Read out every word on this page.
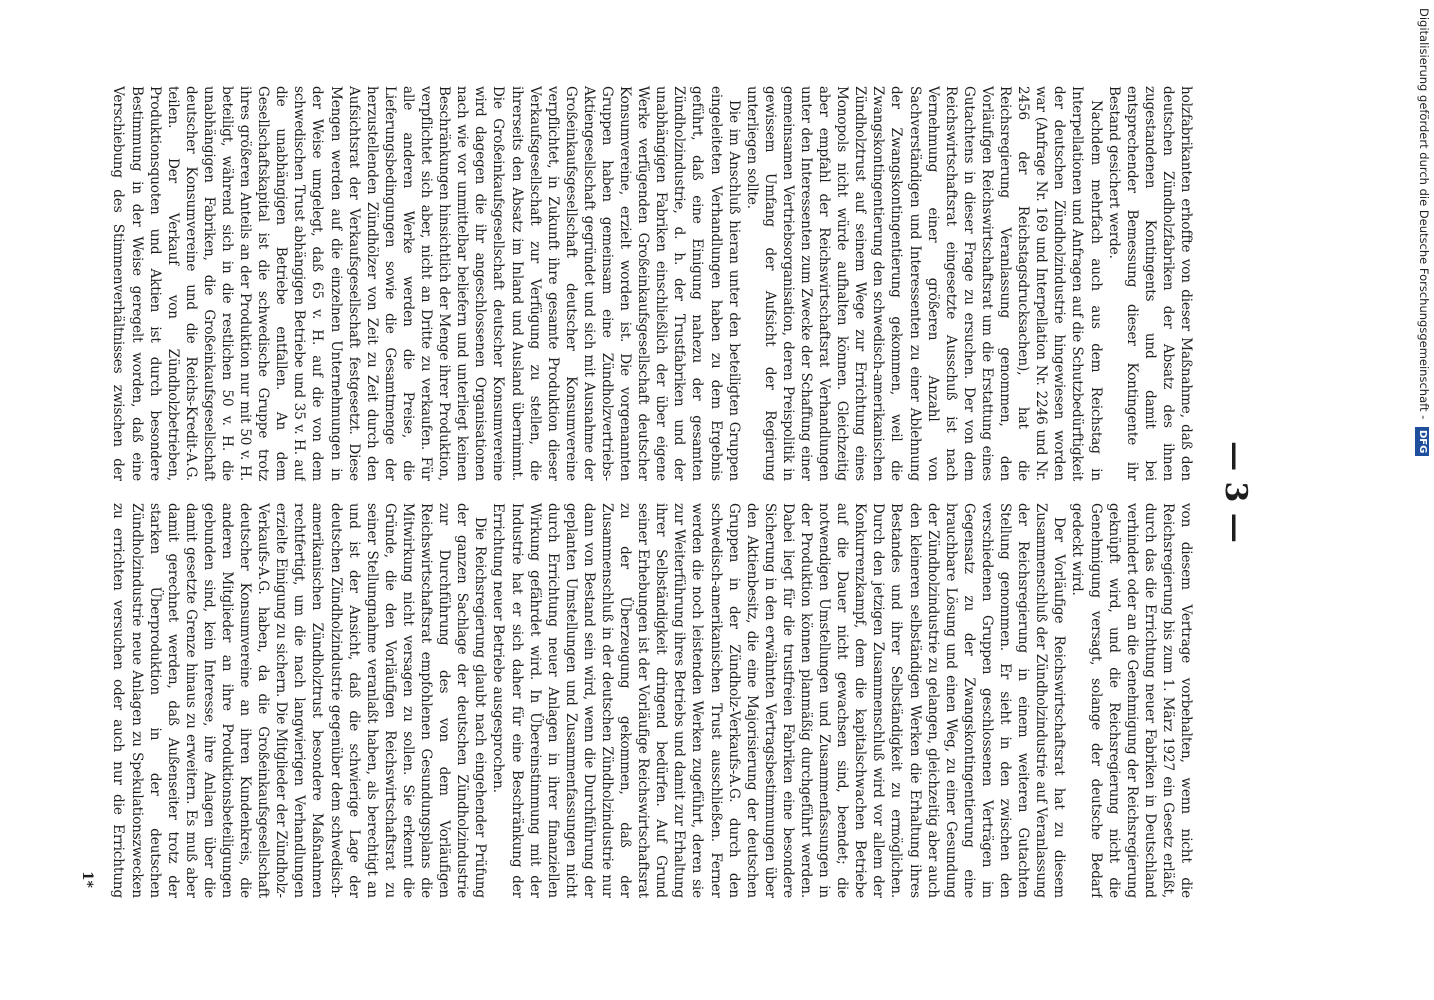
— 3 —

holzfabrikanten erhoffte von dieser Maßnahme, daß den deutschen Zündholzfabriken der Absatz des ihnen zugestandenen Kontingents und damit bei entsprechender Bemessung dieser Kontingente ihr Bestand gesichert werde.

Nachdem mehrfach auch aus dem Reichstag in Interpellationen und Anfragen auf die Schutzbedürftigkeit der deutschen Zündholzindustrie hingewiesen worden war (Anfrage Nr. 169 und Interpellation Nr. 2246 und Nr. 2456 der Reichstagsdrucksachen), hat die Reichsregierung Veranlassung genommen, den Vorläufigen Reichswirtschaftsrat um die Erstattung eines Gutachtens in dieser Frage zu ersuchen. Der von dem Reichswirtschaftsrat eingesetzte Ausschuß ist nach Vernehmung einer größeren Anzahl von Sachverständigen und Interessenten zu einer Ablehnung der Zwangskontingentierung gekommen, weil die Zwangskontingentierung den schwedisch-amerikanischen Zündholztrust auf seinem Wege zur Errichtung eines Monopols nicht würde aufhalten können. Gleichzeitig aber empfahl der Reichswirtschaftsrat Verhandlungen unter den Interessenten zum Zwecke der Schaffung einer gemeinsamen Vertriebsorganisation, deren Preispolitik in gewissem Umfang der Aufsicht der Regierung unterliegen sollte.

Die im Anschluß hieran unter den beteiligten Gruppen eingeleiteten Verhandlungen haben zu dem Ergebnis geführt, daß eine Einigung nahezu der gesamten Zündholzindustrie, d. h. der Trustfabriken und der unabhängigen Fabriken einschließlich der über eigene Werke verfügenden Großeinkaufsgesellschaft deutscher Konsumvereine, erzielt worden ist. Die vorgenannten Gruppen haben gemeinsam eine Zündholzvertriebs-Aktiengesellschaft gegründet und sich mit Ausnahme der Großeinkaufsgesellschaft deutscher Konsumvereine verpflichtet, in Zukunft ihre gesamte Produktion dieser Verkaufsgesellschaft zur Verfügung zu stellen, die ihrerseits den Absatz im Inland und Ausland übernimmt. Die Großeinkaufsgesellschaft deutscher Konsumvereine wird dagegen die ihr angeschlossenen Organisationen nach wie vor unmittelbar beliefern und unterliegt keinen Beschränkungen hinsichtlich der Menge ihrer Produktion, verpflichtet sich aber, nicht an Dritte zu verkaufen. Für alle anderen Werke werden die Preise, die Lieferungsbedingungen sowie die Gesamtmenge der herzustellenden Zündhölzer von Zeit zu Zeit durch den Aufsichtsrat der Verkaufsgesellschaft festgesetzt. Diese Mengen werden auf die einzelnen Unternehmungen in der Weise umgelegt, daß 65 v. H. auf die von dem schwedischen Trust abhängigen Betriebe und 35 v. H. auf die unabhängigen Betriebe entfallen. An dem Gesellschaftskapital ist die schwedische Gruppe trotz ihres größeren Anteils an der Produktion nur mit 50 v. H. beteiligt, während sich in die restlichen 50 v. H. die unabhängigen Fabriken, die Großeinkaufsgesellschaft deutscher Konsumvereine und die Reichs-Kredit-A.G. teilen. Der Verkauf von Zündholzbetrieben, Produktionsquoten und Aktien ist durch besondere Bestimmung in der Weise geregelt worden, daß eine Verschiebung des Stimmenverhältnisses zwischen der

von diesem Vertrage vorbehalten, wenn nicht die Reichsregierung bis zum 1. März 1927 ein Gesetz erläßt, durch das die Errichtung neuer Fabriken in Deutschland verhindert oder an die Genehmigung der Reichsregierung geknüpft wird, und die Reichsregierung nicht die Genehmigung versagt, solange der deutsche Bedarf gedeckt wird.

Der Vorläufige Reichswirtschaftsrat hat zu diesem Zusammenschluß der Zündholzindustrie auf Veranlassung der Reichsregierung in einem weiteren Gutachten Stellung genommen. Er sieht in den zwischen den verschiedenen Gruppen geschlossenen Verträgen im Gegensatz zu der Zwangskontingentierung eine brauchbare Lösung und einen Weg, zu einer Gesundung der Zündholzindustrie zu gelangen, gleichzeitig aber auch den kleineren selbständigen Werken die Erhaltung ihres Bestandes und ihrer Selbständigkeit zu ermöglichen. Durch den jetzigen Zusammenschluß wird vor allem der Konkurrenzkampf, dem die kapitalschwachen Betriebe auf die Dauer nicht gewachsen sind, beendet; die notwendigen Umstellungen und Zusammenfassungen in der Produktion können planmäßig durchgeführt werden. Dabei liegt für die trustfreien Fabriken eine besondere Sicherung in den erwähnten Vertragsbestimmungen über den Aktienbesitz, die eine Majorisierung der deutschen Gruppen in der Zündholz-Verkaufs-A.G. durch den schwedisch-amerikanischen Trust ausschließen. Ferner werden die noch leistenden Werken zugeführt, deren sie zur Weiterführung ihres Betriebs und damit zur Erhaltung ihrer Selbständigkeit dringend bedürfen. Auf Grund seiner Erhebungen ist der Vorläufige Reichswirtschaftsrat zu der Überzeugung gekommen, daß der Zusammenschluß in der deutschen Zündholzindustrie nur dann von Bestand sein wird, wenn die Durchführung der geplanten Umstellungen und Zusammenfassungen nicht durch Errichtung neuer Anlagen in ihrer finanziellen Wirkung gefährdet wird. In Übereinstimmung mit der Industrie hat er sich daher für eine Beschränkung der Errichtung neuer Betriebe ausgesprochen.

Die Reichsregierung glaubt nach eingehender Prüfung der ganzen Sachlage der deutschen Zündholzindustrie zur Durchführung des von dem Vorläufigen Reichswirtschaftsrat empfohlenen Gesundungsplans die Mitwirkung nicht versagen zu sollen. Sie erkennt die Gründe, die den Vorläufigen Reichswirtschaftsrat zu seiner Stellungnahme veranlaßt haben, als berechtigt an und ist der Ansicht, daß die schwierige Lage der deutschen Zündholzindustrie gegenüber dem schwedisch-amerikanischen Zündholztrust besondere Maßnahmen rechtfertigt, um die nach langwierigen Verhandlungen erzielte Einigung zu sichern. Die Mitglieder der Zündholz-Verkaufs-A.G. haben, da die Großeinkaufsgesellschaft deutscher Konsumvereine an ihren Kundenkreis, die anderen Mitglieder an ihre Produktionsbeteiligungen gebunden sind, kein Interesse, ihre Anlagen über die damit gesetzte Grenze hinaus zu erweitern. Es muß aber damit gerechnet werden, daß Außenseiter trotz der starken Überproduktion in der deutschen Zündholzindustrie neue Anlagen zu Spekulationszwecken zu errichten versuchen oder auch nur die Errichtung

1*
Digitalisierung gefördert durch die Deutsche Forschungsgemeinschaft - DFG
